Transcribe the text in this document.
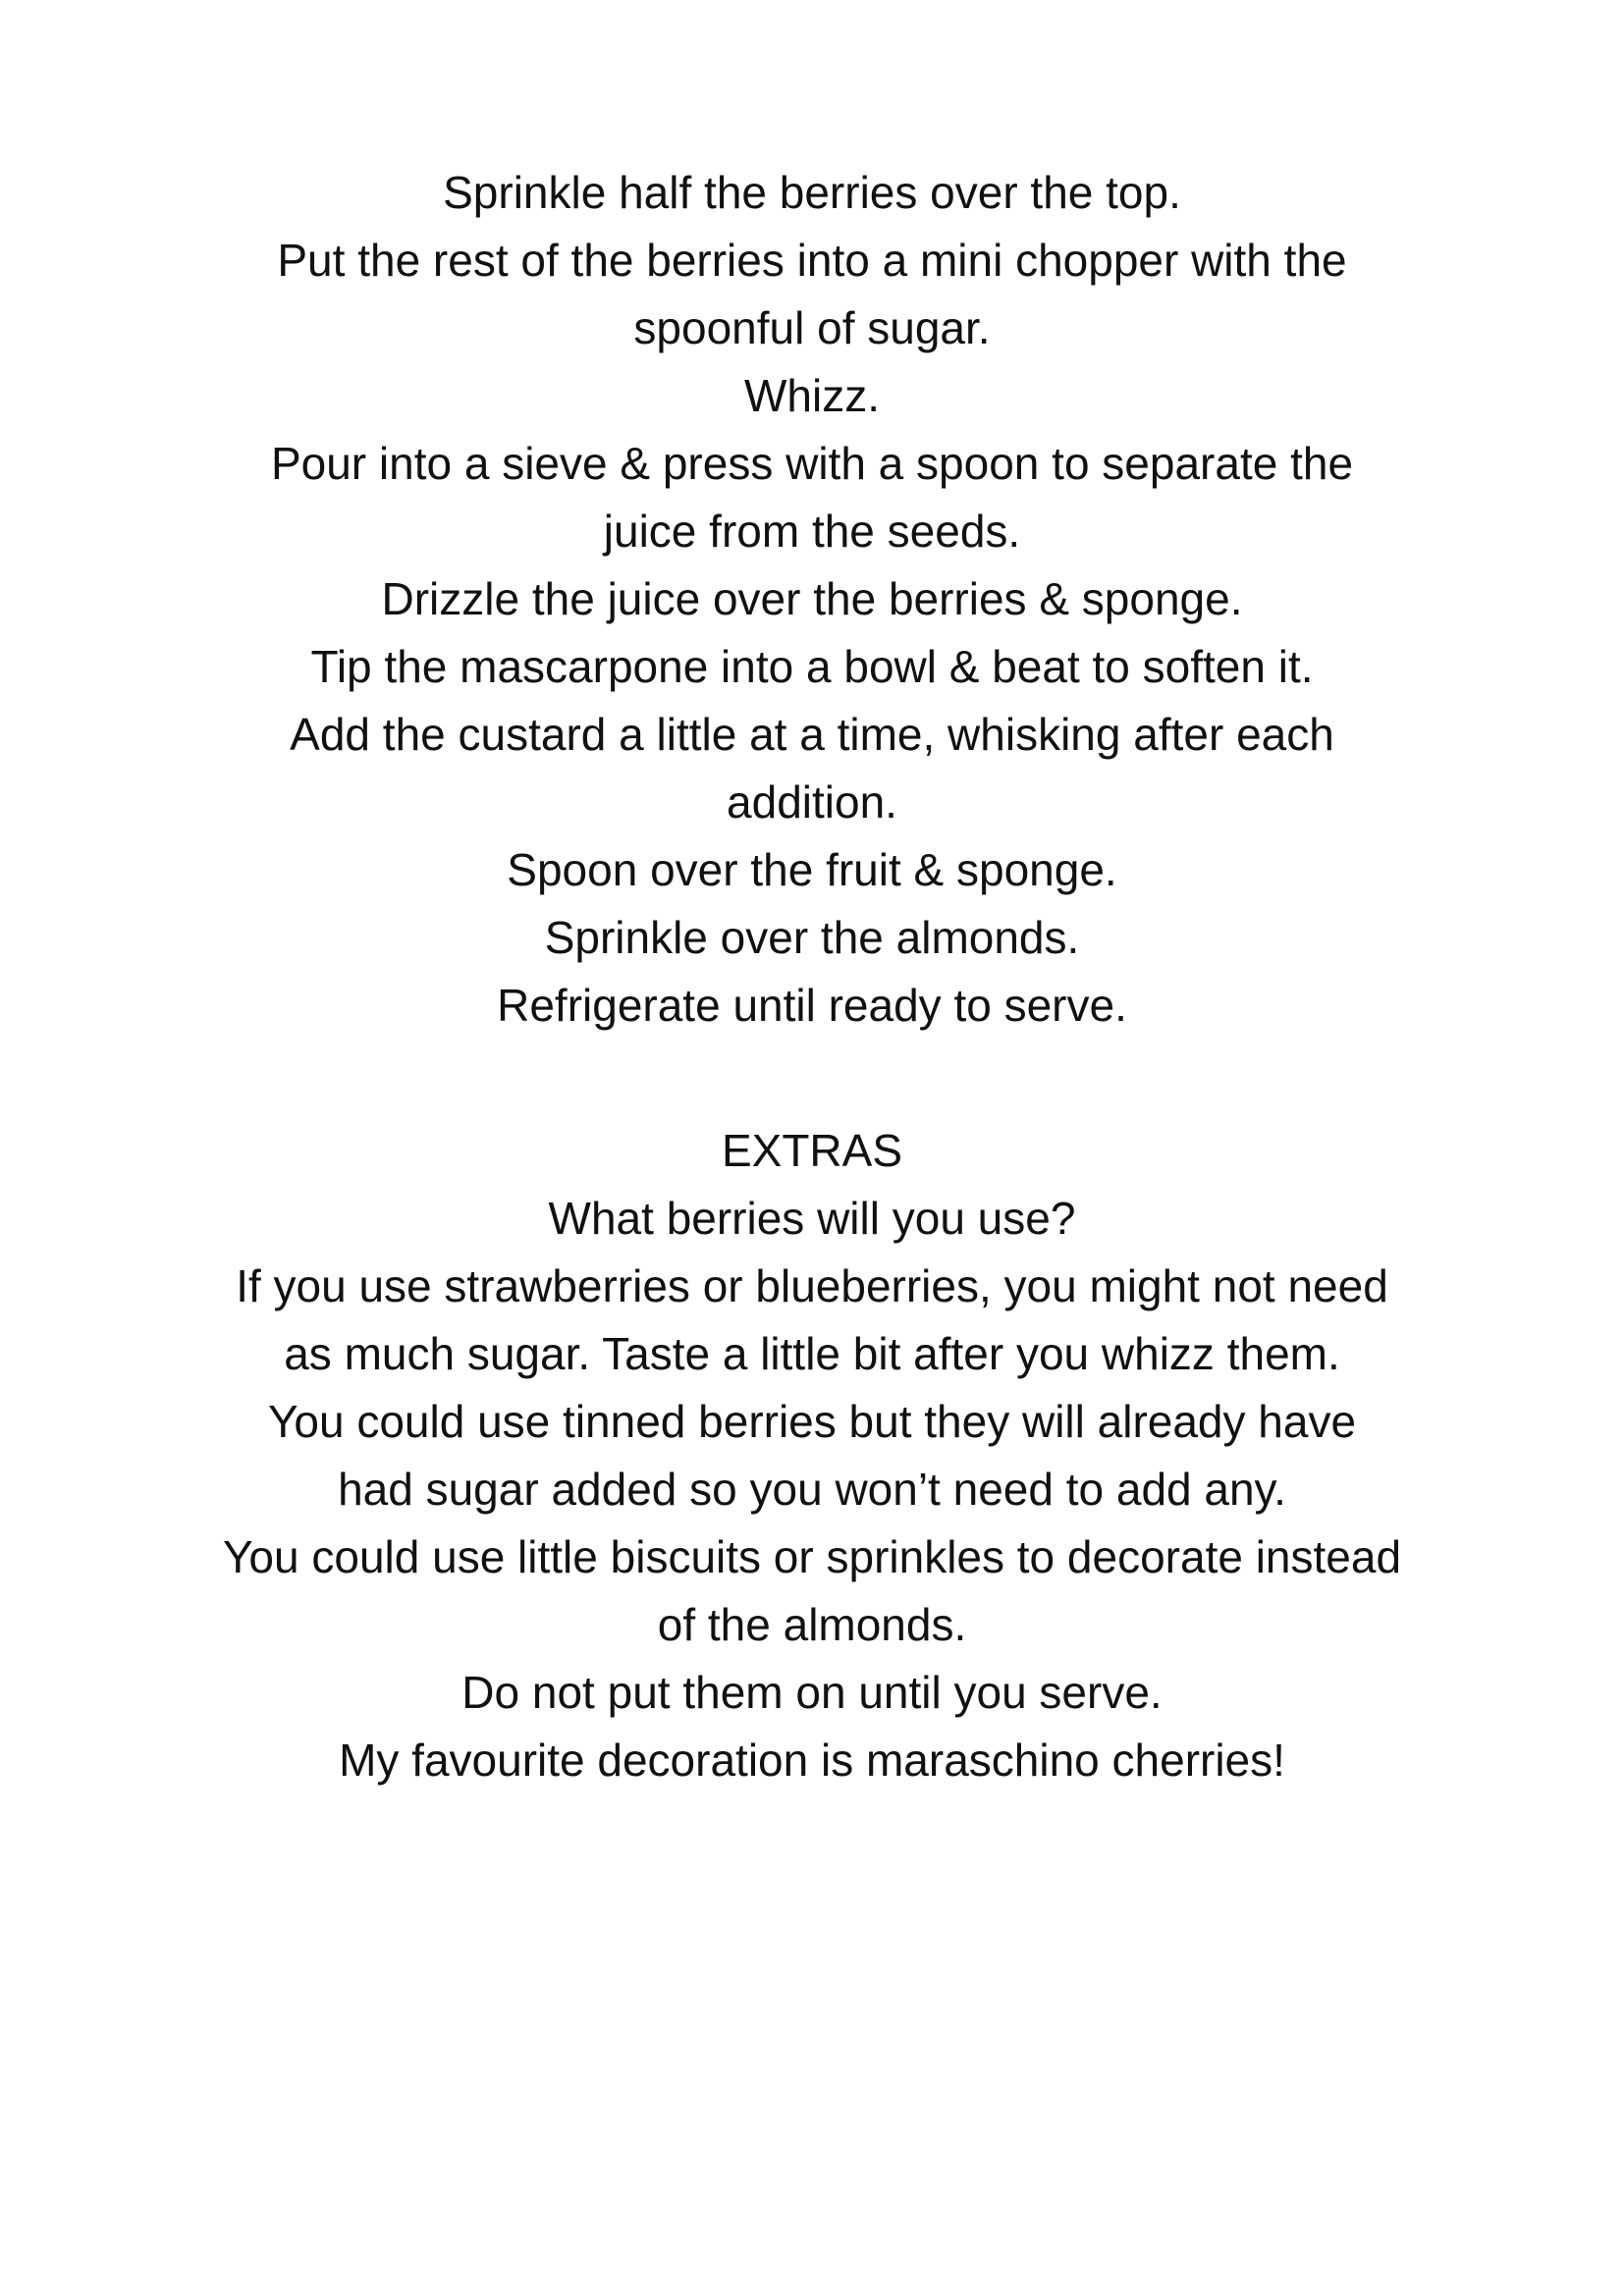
Sprinkle half the berries over the top.
Put the rest of the berries into a mini chopper with the
spoonful of sugar.
Whizz.
Pour into a sieve & press with a spoon to separate the
juice from the seeds.
Drizzle the juice over the berries & sponge.
Tip the mascarpone into a bowl & beat to soften it.
Add the custard a little at a time, whisking after each
addition.
Spoon over the fruit & sponge.
Sprinkle over the almonds.
Refrigerate until ready to serve.
EXTRAS
What berries will you use?
If you use strawberries or blueberries, you might not need
as much sugar. Taste a little bit after you whizz them.
You could use tinned berries but they will already have
had sugar added so you won’t need to add any.
You could use little biscuits or sprinkles to decorate instead
of the almonds.
Do not put them on until you serve.
My favourite decoration is maraschino cherries!
